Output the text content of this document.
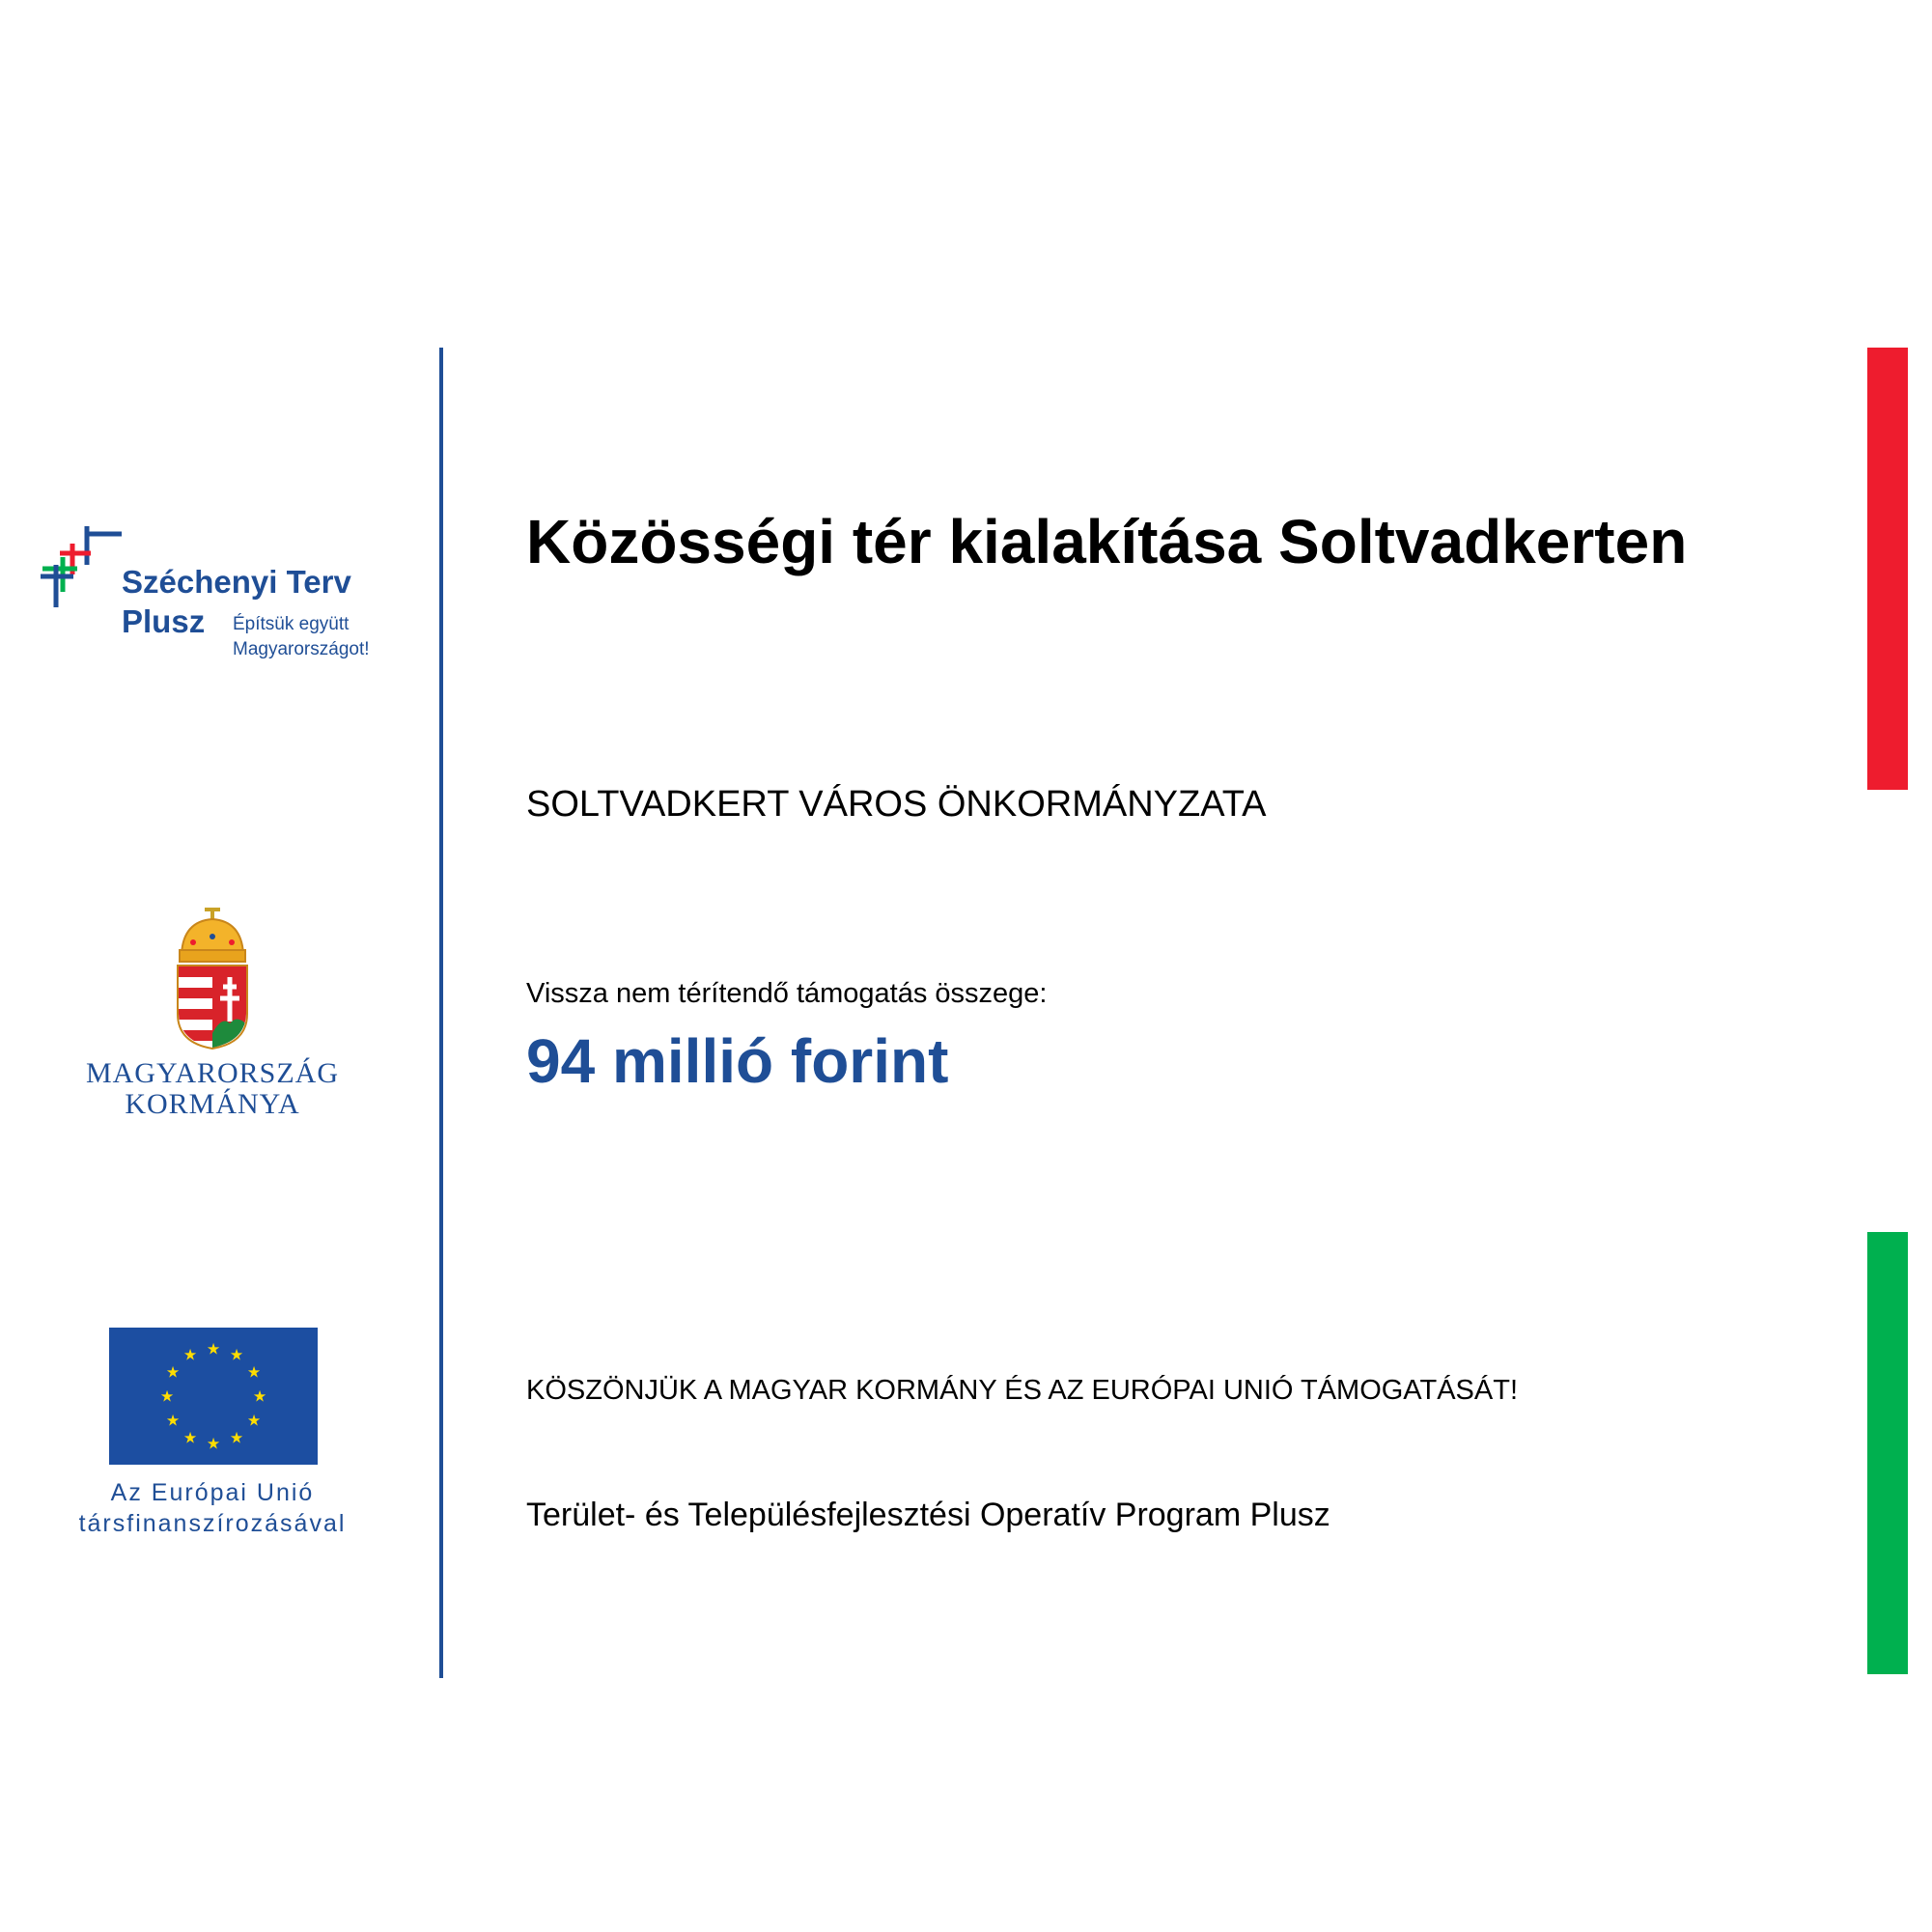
Széchenyi Terv
Plusz Építsük együtt
Magyarországot!
MAGYARORSZÁG
KORMÁNYA
★ ★
★
★
★
★
★
★
★
★
★
★
Az Európai Unió
társfinanszírozásával
Közösségi tér kialakítása Soltvadkerten
SOLTVADKERT VÁROS ÖNKORMÁNYZATA
Vissza nem térítendő támogatás összege:
94 millió forint
KÖSZÖNJÜK A MAGYAR KORMÁNY ÉS AZ EURÓPAI UNIÓ TÁMOGATÁSÁT!
Terület- és Településfejlesztési Operatív Program Plusz
